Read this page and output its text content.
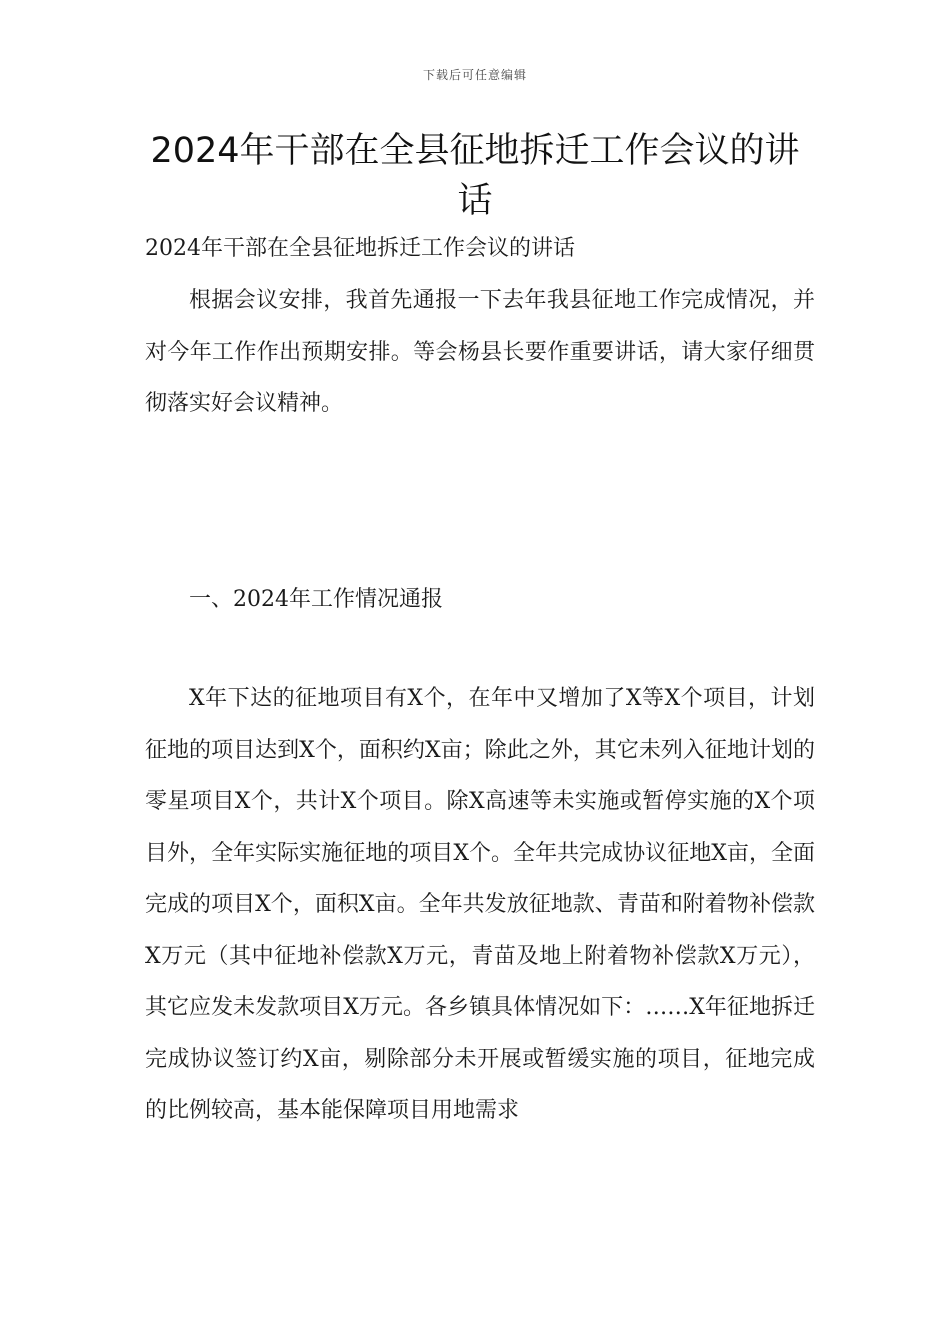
下载后可任意编辑
2024年干部在全县征地拆迁工作会议的讲话

2024年干部在全县征地拆迁工作会议的讲话

根据会议安排，我首先通报一下去年我县征地工作完成情况，并对今年工作作出预期安排。等会杨县长要作重要讲话，请大家仔细贯彻落实好会议精神。

一、2024年工作情况通报

X年下达的征地项目有X个，在年中又增加了X等X个项目，计划征地的项目达到X个，面积约X亩；除此之外，其它未列入征地计划的零星项目X个，共计X个项目。除X高速等未实施或暂停实施的X个项目外，全年实际实施征地的项目X个。全年共完成协议征地X亩，全面完成的项目X个，面积X亩。全年共发放征地款、青苗和附着物补偿款X万元（其中征地补偿款X万元，青苗及地上附着物补偿款X万元），其它应发未发款项目X万元。各乡镇具体情况如下：……X年征地拆迁完成协议签订约X亩，剔除部分未开展或暂缓实施的项目，征地完成的比例较高，基本能保障项目用地需求
